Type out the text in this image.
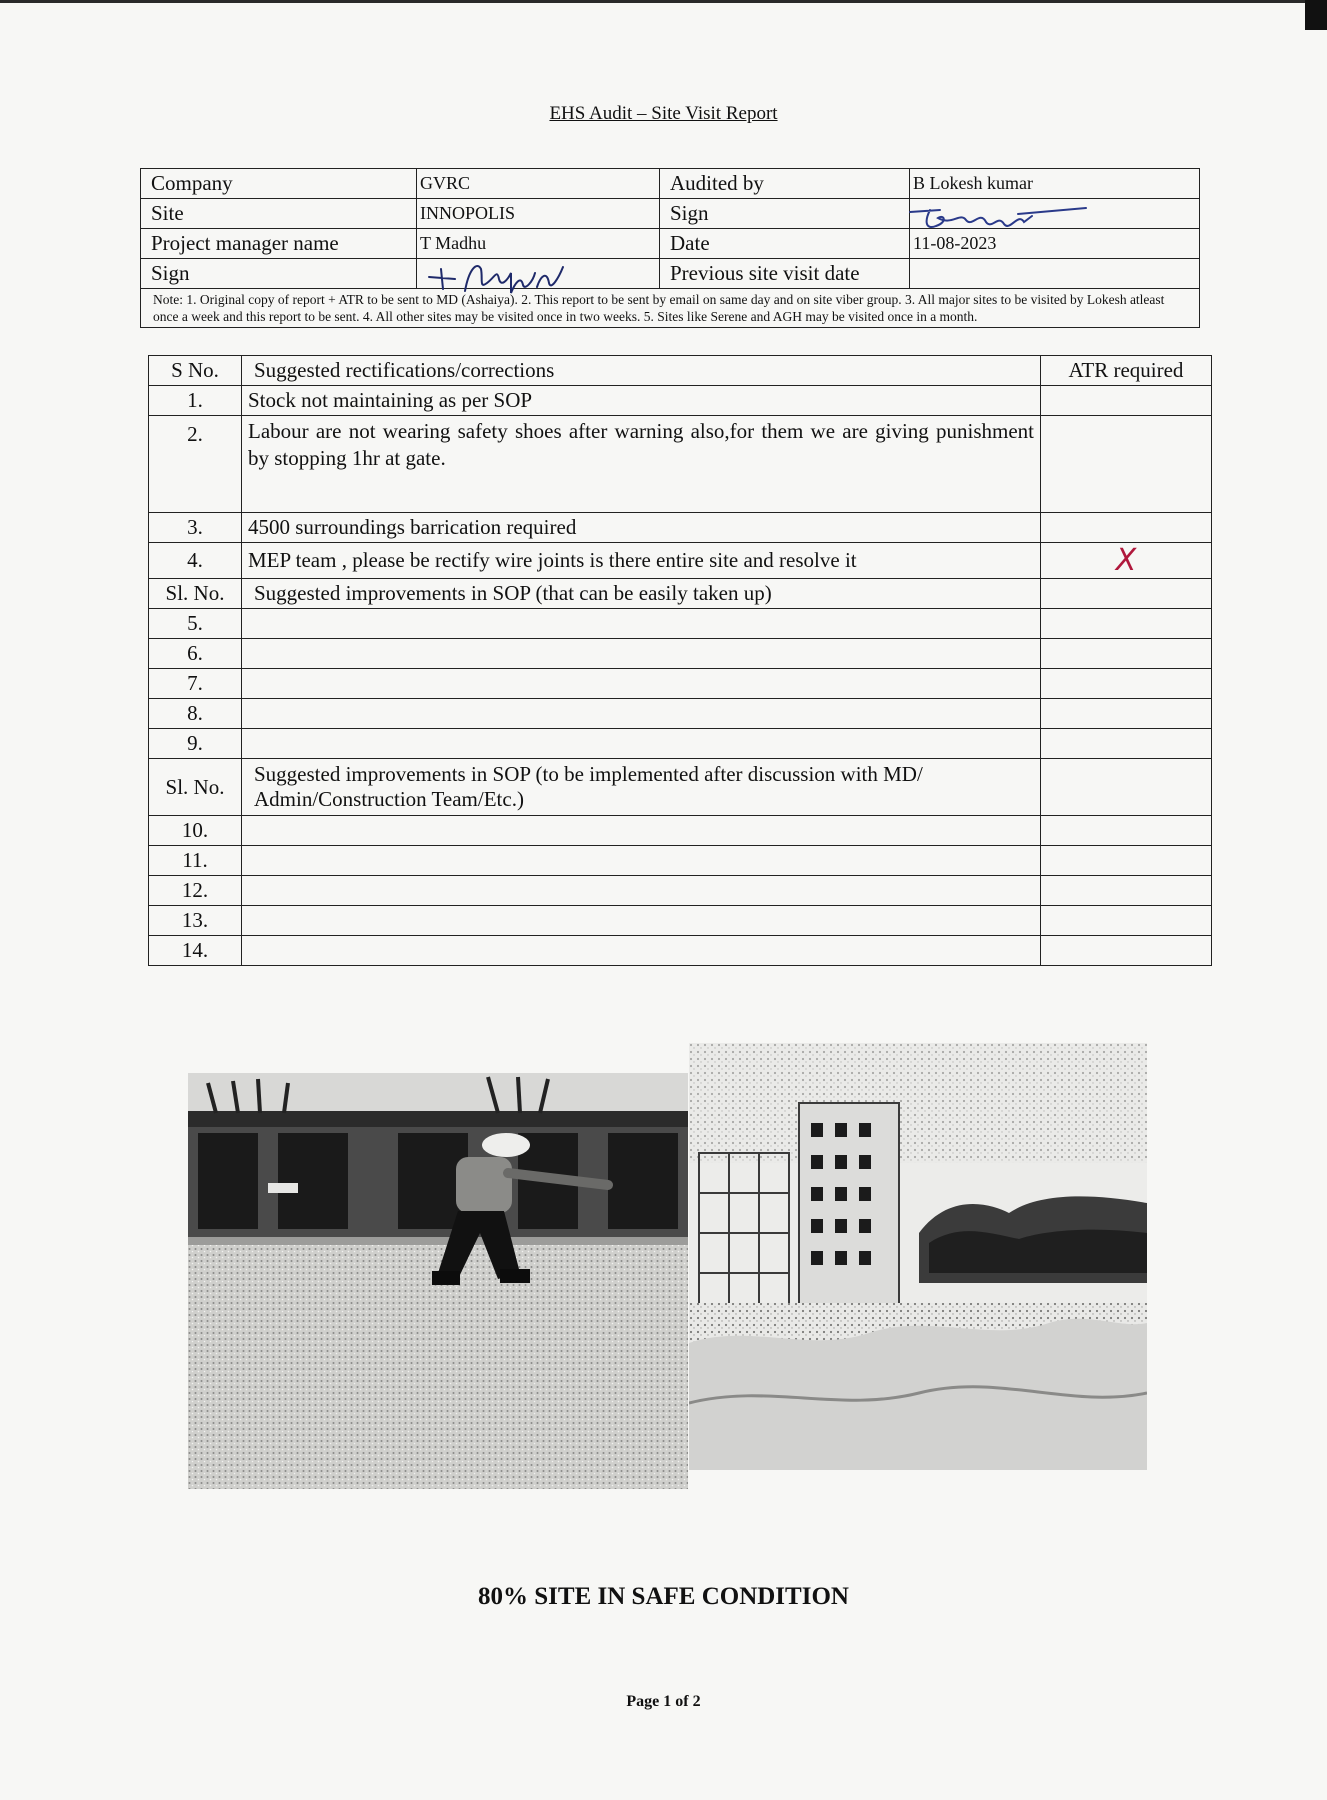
EHS Audit – Site Visit Report
Company	GVRC	Audited by	B Lokesh kumar
Site	INNOPOLIS	Sign	
Project manager name	T Madhu	Date	11-08-2023
Sign		Previous site visit date	
Note: 1. Original copy of report + ATR to be sent to MD (Ashaiya). 2. This report to be sent by email on same day and on site viber group. 3. All major sites to be visited by Lokesh atleast once a week and this report to be sent. 4. All other sites may be visited once in two weeks. 5. Sites like Serene and AGH may be visited once in a month.			
S No.	Suggested rectifications/corrections	ATR required
1.	Stock not maintaining as per SOP	
2.	Labour are not wearing safety shoes after warning also,for them we are giving punishment by stopping 1hr at gate.	
3.	4500 surroundings barrication required	
4.	MEP team , please be rectify wire joints is there entire site and resolve it	X
Sl. No.	Suggested improvements in SOP (that can be easily taken up)	
5.		
6.		
7.		
8.		
9.		
Sl. No.	Suggested improvements in SOP (to be implemented after discussion with MD/ Admin/Construction Team/Etc.)	
10.		
11.		
12.		
13.		
14.		
80% SITE IN SAFE CONDITION
Page 1 of 2
